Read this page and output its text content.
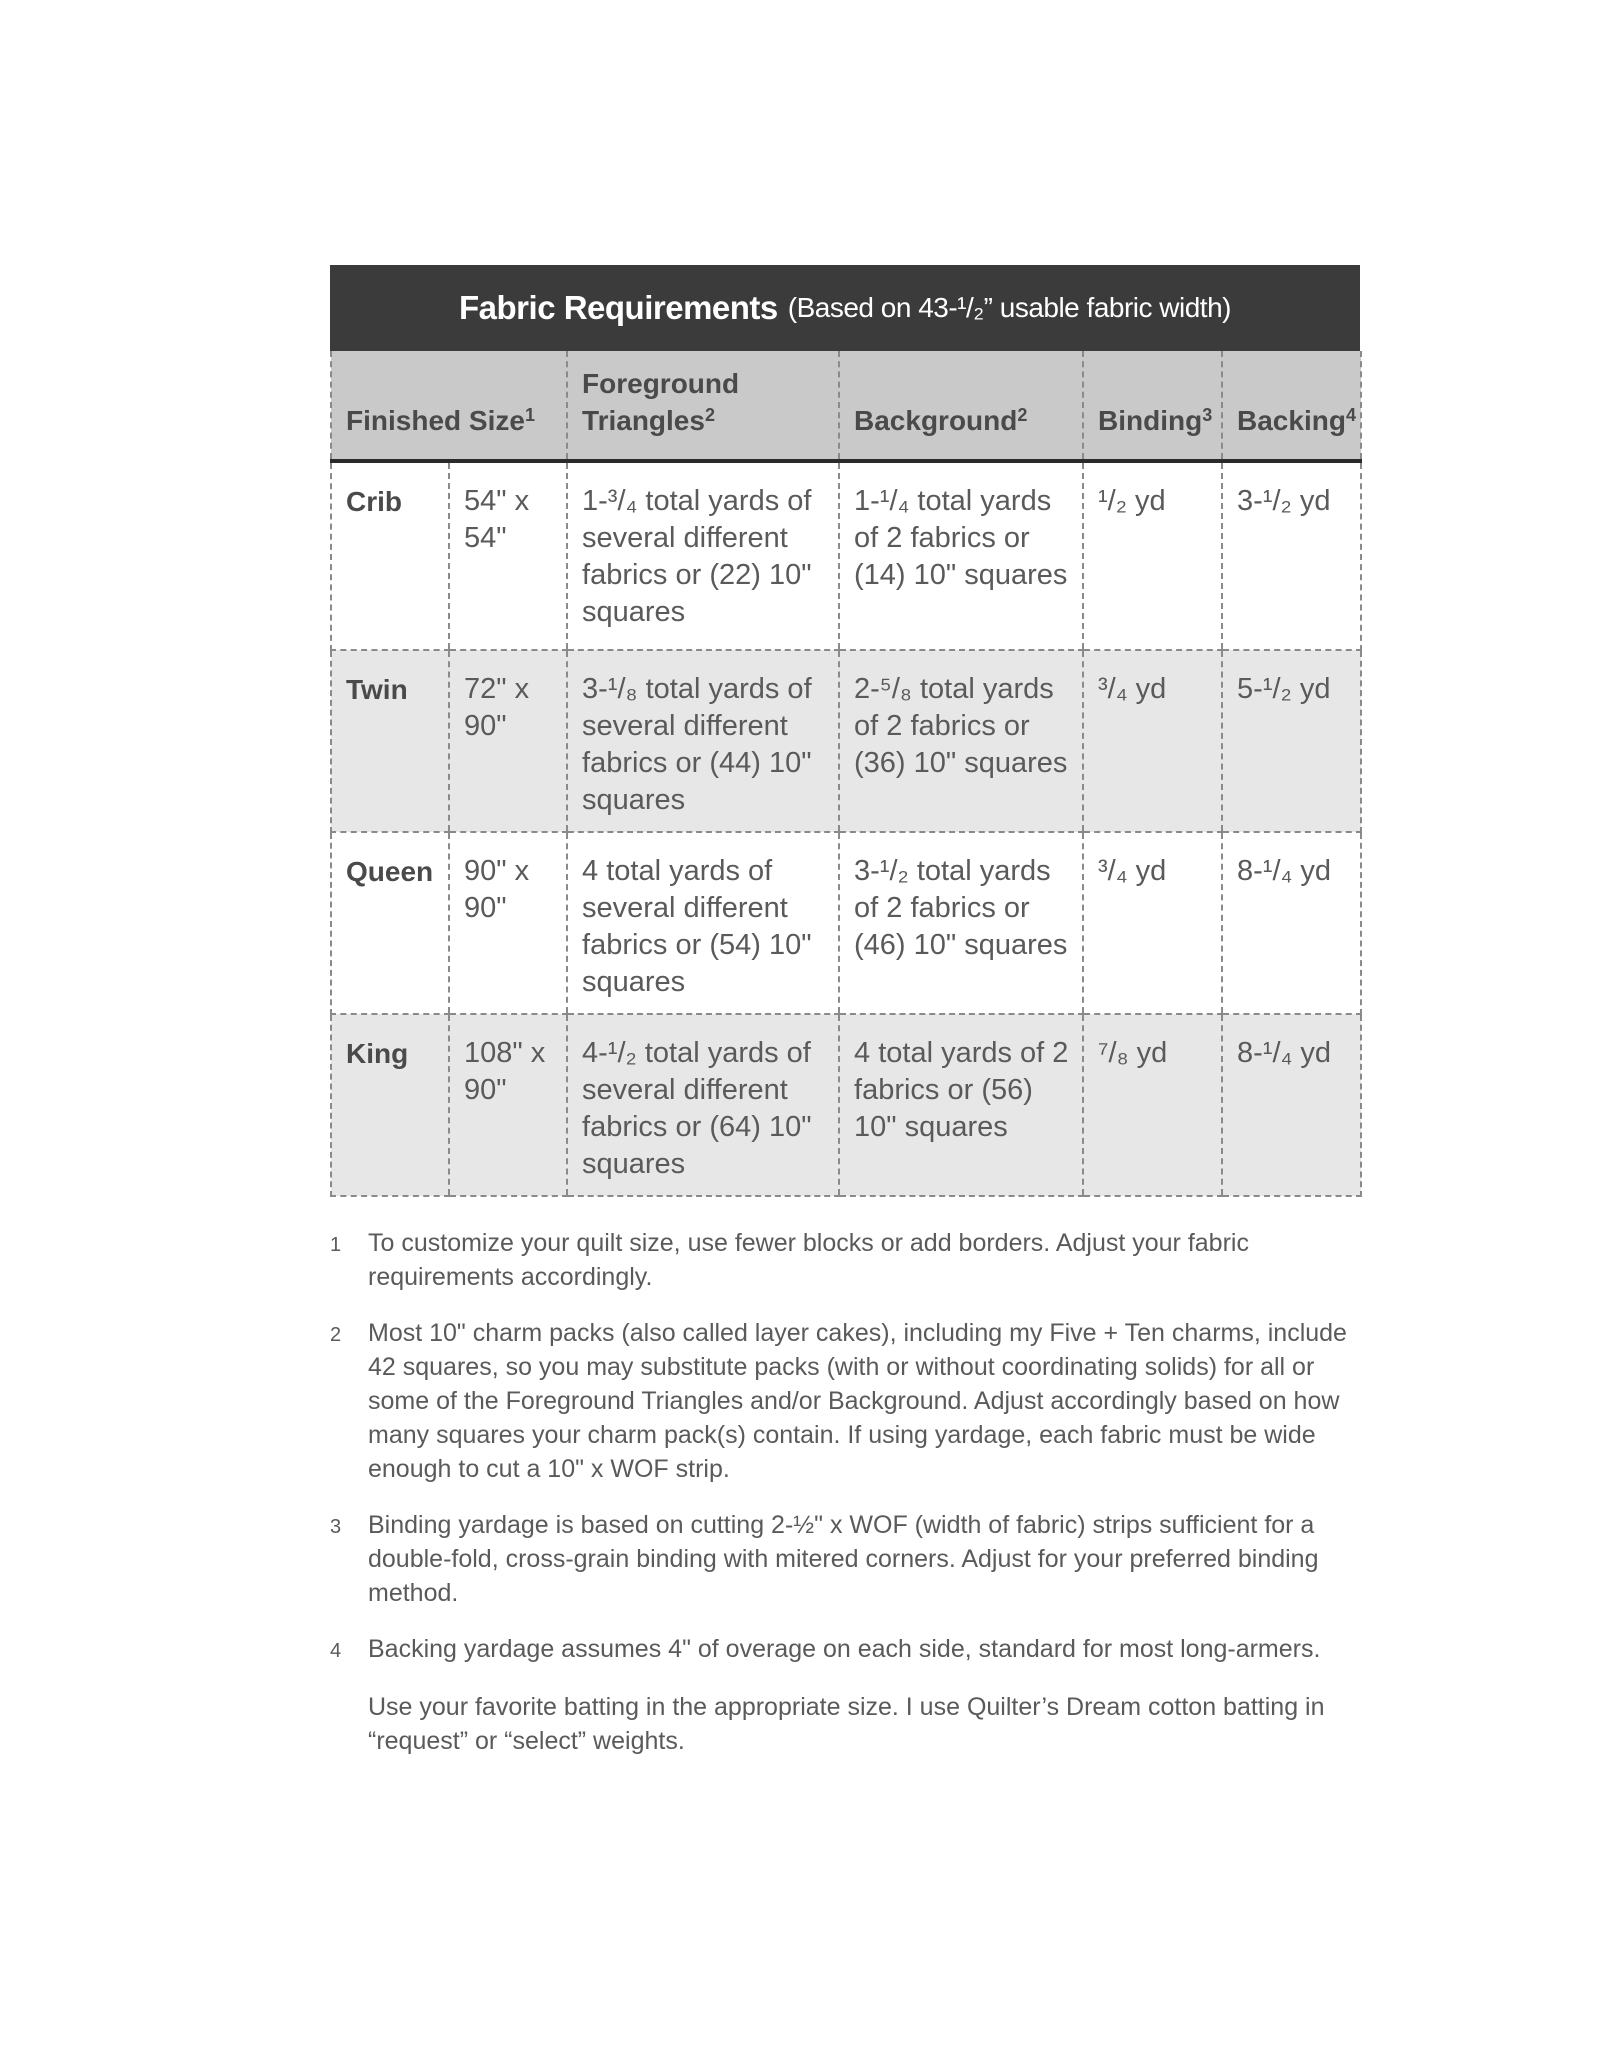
Fabric Requirements (Based on 43-¹/₂” usable fabric width)
Finished Size$^1$		Foreground Triangles$^2$	Background$^2$	Binding$^3$	Backing$^4$
Crib	54" x 54"	1-³/₄ total yards of several different fabrics or (22) 10" squares	1-¹/₄ total yards of 2 fabrics or (14) 10" squares	¹/₂ yd	3-¹/₂ yd
Twin	72" x 90"	3-¹/₈ total yards of several different fabrics or (44) 10" squares	2-⁵/₈ total yards of 2 fabrics or (36) 10" squares	³/₄ yd	5-¹/₂ yd
Queen	90" x 90"	4 total yards of several different fabrics or (54) 10" squares	3-¹/₂ total yards of 2 fabrics or (46) 10" squares	³/₄ yd	8-¹/₄ yd
King	108" x 90"	4-¹/₂ total yards of several different fabrics or (64) 10" squares	4 total yards of 2 fabrics or (56) 10" squares	⁷/₈ yd	8-¹/₄ yd
1	To customize your quilt size, use fewer blocks or add borders. Adjust your fabric requirements accordingly.
2	Most 10" charm packs (also called layer cakes), including my Five + Ten charms, include 42 squares, so you may substitute packs (with or without coordinating solids) for all or some of the Foreground Triangles and/or Background. Adjust accordingly based on how many squares your charm pack(s) contain. If using yardage, each fabric must be wide enough to cut a 10" x WOF strip.
3	Binding yardage is based on cutting 2-½" x WOF (width of fabric) strips sufficient for a double-fold, cross-grain binding with mitered corners. Adjust for your preferred binding method.
4	Backing yardage assumes 4" of overage on each side, standard for most long-armers.
Use your favorite batting in the appropriate size. I use Quilter’s Dream cotton batting in “request” or “select” weights.
